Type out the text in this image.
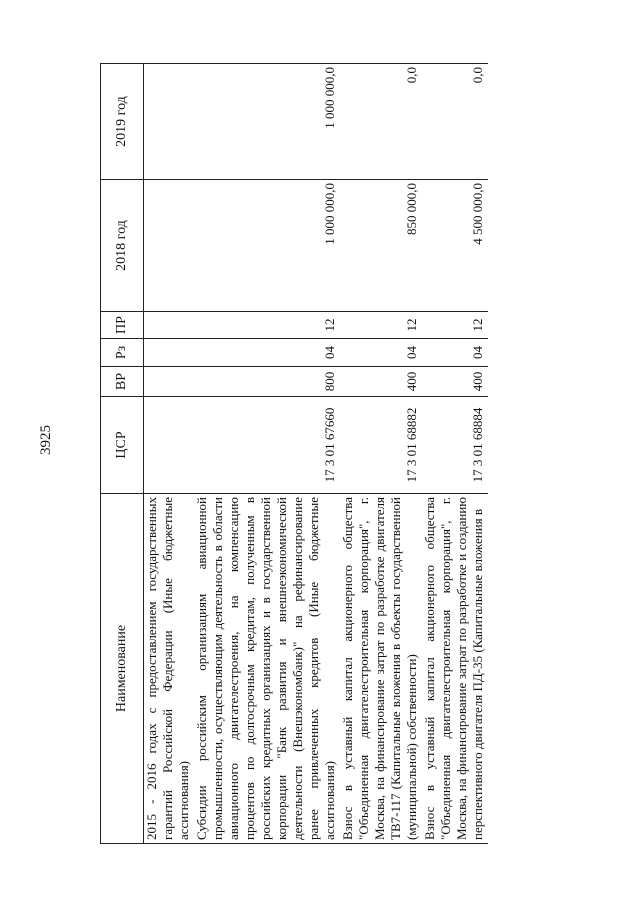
3925
Наименование	ЦСР	ВР	Рз	ПР	2018 год	2019 год
2015 - 2016 годах с предоставлением государственных гарантий Российской Федерации (Иные бюджетные ассигнования)						
Субсидии российским организациям авиационной промышленности, осуществляющим деятельность в области авиационного двигателестроения, на компенсацию процентов по долгосрочным кредитам, полученным в российских кредитных организациях и в государственной корпорации "Банк развития и внешнеэкономической деятельности (Внешэкономбанк)" на рефинансирование ранее привлеченных кредитов (Иные бюджетные ассигнования)	17 3 01 67660	800	04	12	1 000 000,0	1 000 000,0
Взнос в уставный капитал акционерного общества "Объединенная двигателестроительная корпорация", г. Москва, на финансирование затрат по разработке двигателя ТВ7-117 (Капитальные вложения в объекты государственной (муниципальной) собственности)	17 3 01 68882	400	04	12	850 000,0	0,0
Взнос в уставный капитал акционерного общества "Объединенная двигателестроительная корпорация", г. Москва, на финансирование затрат по разработке и созданию перспективного двигателя ПД-35 (Капитальные вложения в	17 3 01 68884	400	04	12	4 500 000,0	0,0
